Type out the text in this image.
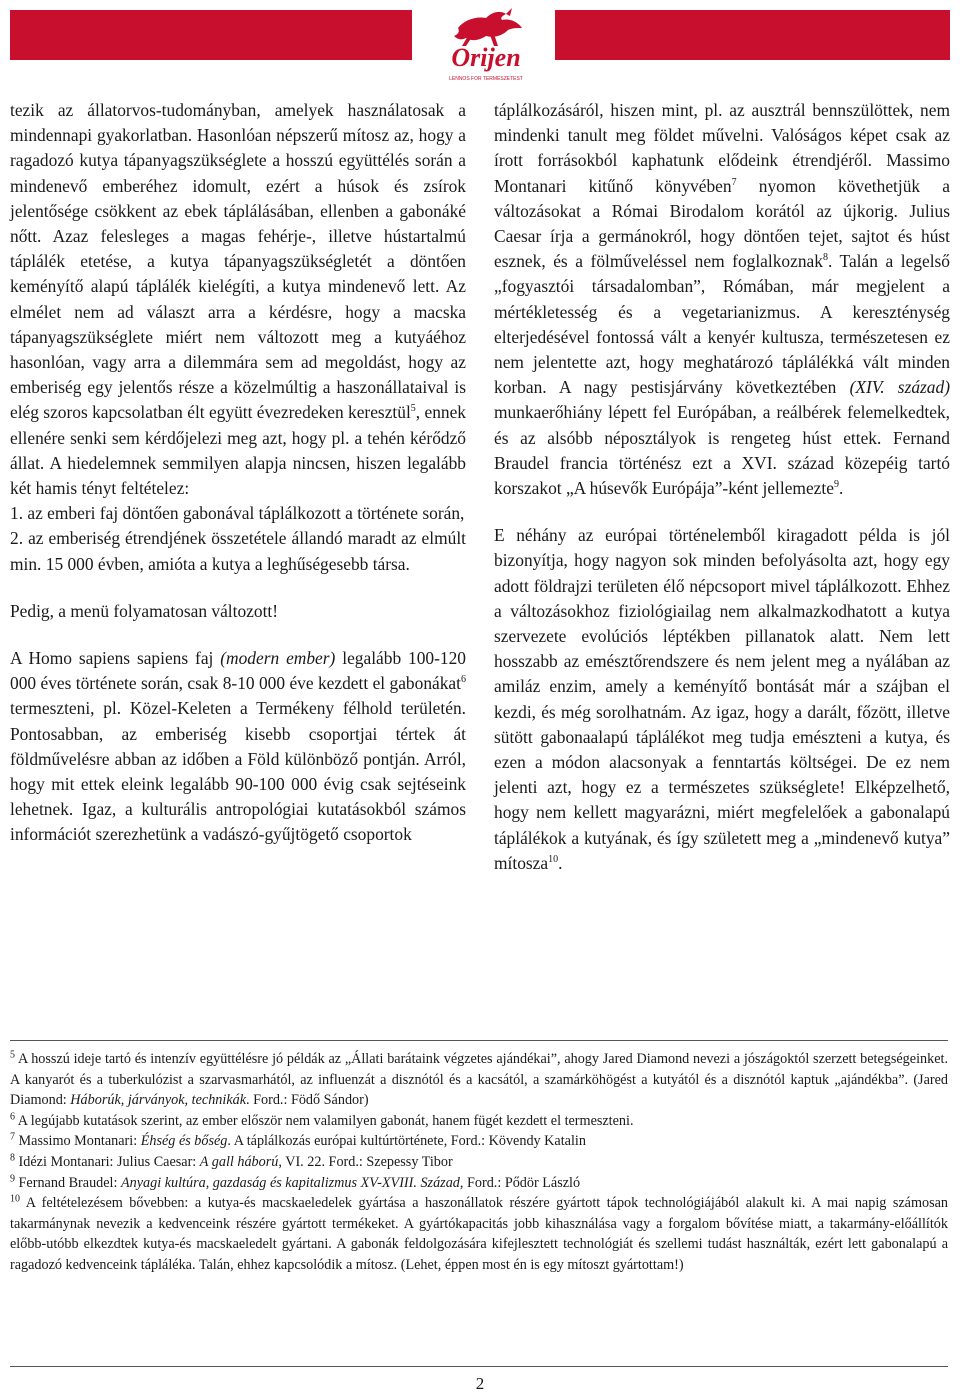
Orijen
LENNOS FOR TERMÉSZETEST

tezik az állatorvos-tudományban, amelyek használatosak a mindennapi gyakorlatban. Hasonlóan népszerű mítosz az, hogy a ragadozó kutya tápanyagszükséglete a hosszú együttélés során a mindenevő emberéhez idomult, ezért a húsok és zsírok jelentősége csökkent az ebek táplálásában, ellenben a gabonáké nőtt. Azaz felesleges a magas fehérje-, illetve hústartalmú táplálék etetése, a kutya tápanyagszükségletét a döntően keményítő alapú táplálék kielégíti, a kutya mindenevő lett. Az elmélet nem ad választ arra a kérdésre, hogy a macska tápanyagszükséglete miért nem változott meg a kutyáéhoz hasonlóan, vagy arra a dilemmára sem ad megoldást, hogy az emberiség egy jelentős része a közelmúltig a haszonállataival is elég szoros kapcsolatban élt együtt évezredeken keresztül$^5$, ennek ellenére senki sem kérdőjelezi meg azt, hogy pl. a tehén kérődző állat. A hiedelemnek semmilyen alapja nincsen, hiszen legalább két hamis tényt feltételez:

1. az emberi faj döntően gabonával táplálkozott a története során,

2. az emberiség étrendjének összetétele állandó maradt az elmúlt min. 15 000 évben, amióta a kutya a leghűségesebb társa.

Pedig, a menü folyamatosan változott!

A Homo sapiens sapiens faj (modern ember) legalább 100-120 000 éves története során, csak 8-10 000 éve kezdett el gabonákat$^6$ termeszteni, pl. Közel-Keleten a Termékeny félhold területén. Pontosabban, az emberiség kisebb csoportjai tértek át földművelésre abban az időben a Föld különböző pontján. Arról, hogy mit ettek eleink legalább 90-100 000 évig csak sejtéseink lehetnek. Igaz, a kulturális antropológiai kutatásokból számos információt szerezhetünk a vadászó-gyűjtögető csoportok

táplálkozásáról, hiszen mint, pl. az ausztrál bennszülöttek, nem mindenki tanult meg földet művelni. Valóságos képet csak az írott forrásokból kaphatunk elődeink étrendjéről. Massimo Montanari kitűnő könyvében$^7$ nyomon követhetjük a változásokat a Római Birodalom korától az újkorig. Julius Caesar írja a germánokról, hogy döntően tejet, sajtot és húst esznek, és a fölműveléssel nem foglalkoznak$^8$. Talán a legelső „fogyasztói társadalomban”, Rómában, már megjelent a mértékletesség és a vegetarianizmus. A kereszténység elterjedésével fontossá vált a kenyér kultusza, természetesen ez nem jelentette azt, hogy meghatározó táplálékká vált minden korban. A nagy pestisjárvány következtében (XIV. század) munkaerőhiány lépett fel Európában, a reálbérek felemelkedtek, és az alsóbb néposztályok is rengeteg húst ettek. Fernand Braudel francia történész ezt a XVI. század közepéig tartó korszakot „A húsevők Európája”-ként jellemezte$^9$.

E néhány az európai történelemből kiragadott példa is jól bizonyítja, hogy nagyon sok minden befolyásolta azt, hogy egy adott földrajzi területen élő népcsoport mivel táplálkozott. Ehhez a változásokhoz fiziológiailag nem alkalmazkodhatott a kutya szervezete evolúciós léptékben pillanatok alatt. Nem lett hosszabb az emésztőrendszere és nem jelent meg a nyálában az amiláz enzim, amely a keményítő bontását már a szájban el kezdi, és még sorolhatnám. Az igaz, hogy a darált, főzött, illetve sütött gabonaalapú táplálékot meg tudja emészteni a kutya, és ezen a módon alacsonyak a fenntartás költségei. De ez nem jelenti azt, hogy ez a természetes szükséglete! Elképzelhető, hogy nem kellett magyarázni, miért megfelelőek a gabonalapú táplálékok a kutyának, és így született meg a „mindenevő kutya” mítosza$^{10}$.

$^5$ A hosszú ideje tartó és intenzív együttélésre jó példák az „Állati barátaink végzetes ajándékai”, ahogy Jared Diamond nevezi a jószágoktól szerzett betegségeinket. A kanyarót és a tuberkulózist a szarvasmarhától, az influenzát a disznótól és a kacsától, a szamárköhögést a kutyától és a disznótól kaptuk „ajándékba”. (Jared Diamond: Háborúk, járványok, technikák. Ford.: Födő Sándor)

$^6$ A legújabb kutatások szerint, az ember először nem valamilyen gabonát, hanem fügét kezdett el termeszteni.

$^7$ Massimo Montanari: Éhség és bőség. A táplálkozás európai kultúrtörténete, Ford.: Kövendy Katalin

$^8$ Idézi Montanari: Julius Caesar: A gall háború, VI. 22. Ford.: Szepessy Tibor

$^9$ Fernand Braudel: Anyagi kultúra, gazdaság és kapitalizmus XV-XVIII. Század, Ford.: Pődör László

$^{10}$ A feltételezésem bővebben: a kutya-és macskaeledelek gyártása a haszonállatok részére gyártott tápok technológiájából alakult ki. A mai napig számosan takarmánynak nevezik a kedvenceink részére gyártott termékeket. A gyártókapacitás jobb kihasználása vagy a forgalom bővítése miatt, a takarmány-előállítók előbb-utóbb elkezdtek kutya-és macskaeledelt gyártani. A gabonák feldolgozására kifejlesztett technológiát és szellemi tudást használták, ezért lett gabonalapú a ragadozó kedvenceink tápláléka. Talán, ehhez kapcsolódik a mítosz. (Lehet, éppen most én is egy mítoszt gyártottam!)

2
